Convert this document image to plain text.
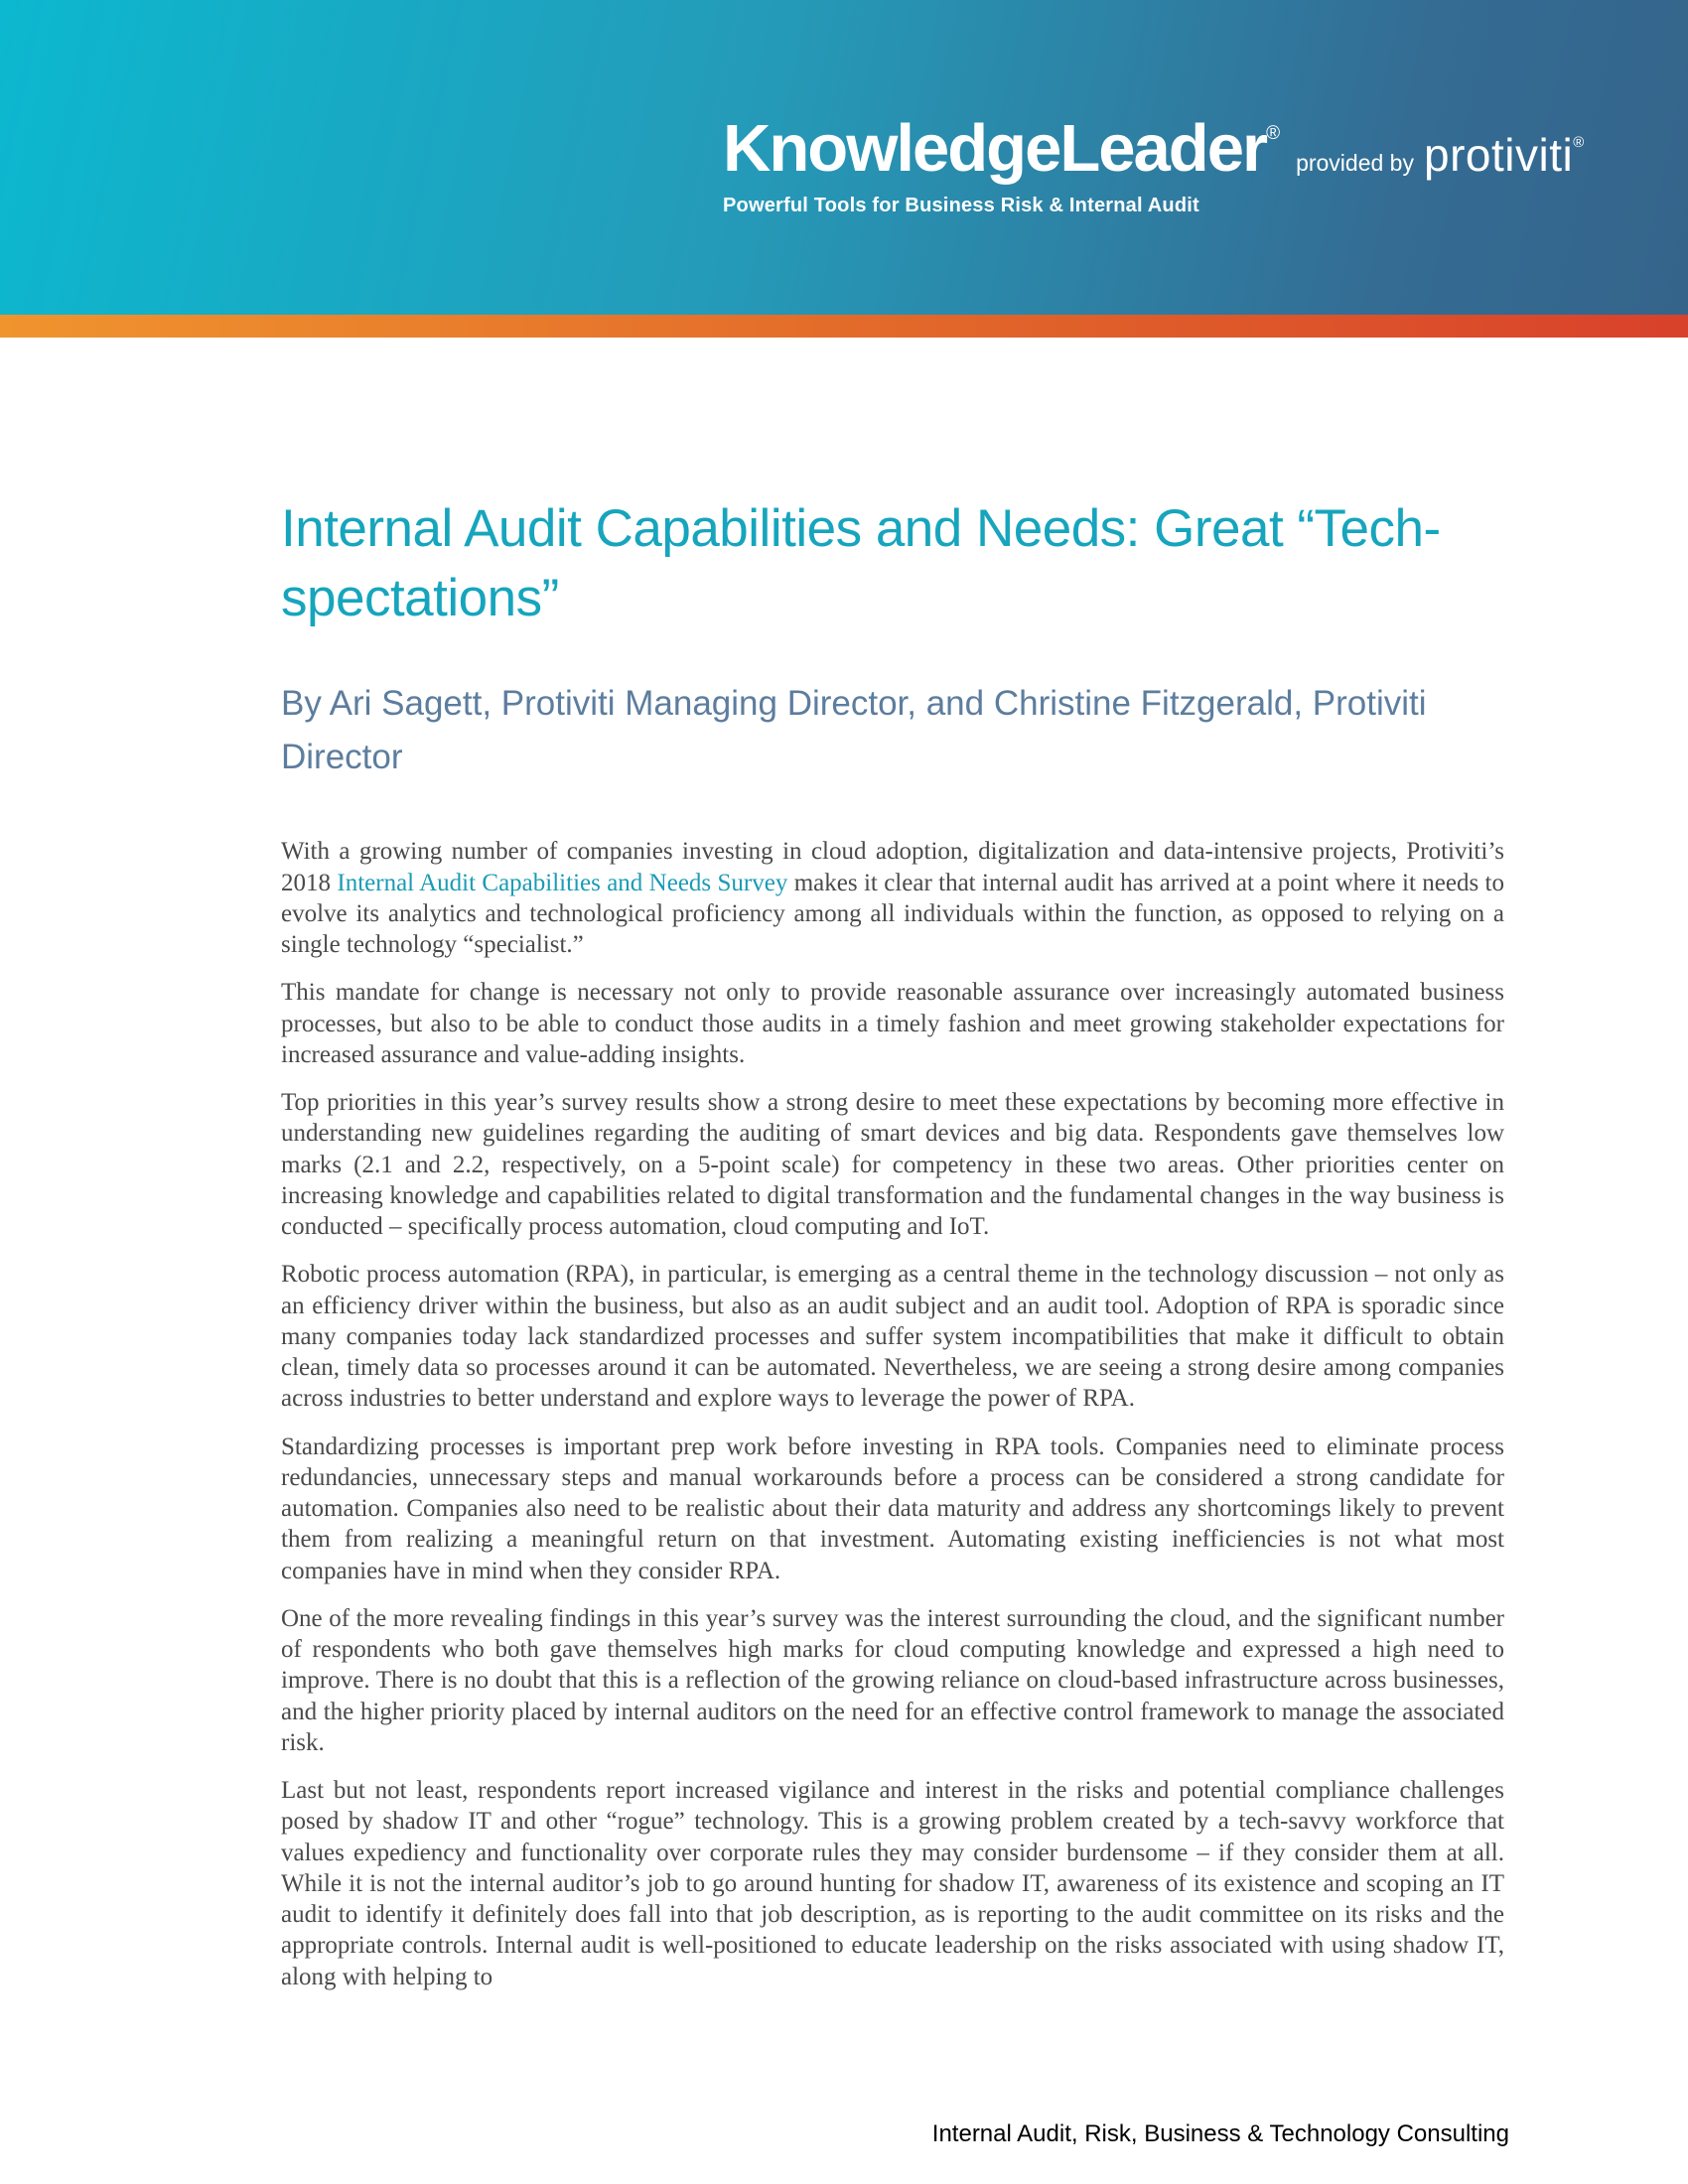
KnowledgeLeader®provided by protiviti®
Powerful Tools for Business Risk & Internal Audit
Internal Audit Capabilities and Needs: Great “Tech-spectations”
By Ari Sagett, Protiviti Managing Director, and Christine Fitzgerald, Protiviti Director

With a growing number of companies investing in cloud adoption, digitalization and data-intensive projects, Protiviti’s 2018 Internal Audit Capabilities and Needs Survey makes it clear that internal audit has arrived at a point where it needs to evolve its analytics and technological proficiency among all individuals within the function, as opposed to relying on a single technology “specialist.”

This mandate for change is necessary not only to provide reasonable assurance over increasingly automated business processes, but also to be able to conduct those audits in a timely fashion and meet growing stakeholder expectations for increased assurance and value-adding insights.

Top priorities in this year’s survey results show a strong desire to meet these expectations by becoming more effective in understanding new guidelines regarding the auditing of smart devices and big data. Respondents gave themselves low marks (2.1 and 2.2, respectively, on a 5-point scale) for competency in these two areas. Other priorities center on increasing knowledge and capabilities related to digital transformation and the fundamental changes in the way business is conducted – specifically process automation, cloud computing and IoT.

Robotic process automation (RPA), in particular, is emerging as a central theme in the technology discussion – not only as an efficiency driver within the business, but also as an audit subject and an audit tool. Adoption of RPA is sporadic since many companies today lack standardized processes and suffer system incompatibilities that make it difficult to obtain clean, timely data so processes around it can be automated. Nevertheless, we are seeing a strong desire among companies across industries to better understand and explore ways to leverage the power of RPA.

Standardizing processes is important prep work before investing in RPA tools. Companies need to eliminate process redundancies, unnecessary steps and manual workarounds before a process can be considered a strong candidate for automation. Companies also need to be realistic about their data maturity and address any shortcomings likely to prevent them from realizing a meaningful return on that investment. Automating existing inefficiencies is not what most companies have in mind when they consider RPA.

One of the more revealing findings in this year’s survey was the interest surrounding the cloud, and the significant number of respondents who both gave themselves high marks for cloud computing knowledge and expressed a high need to improve. There is no doubt that this is a reflection of the growing reliance on cloud-based infrastructure across businesses, and the higher priority placed by internal auditors on the need for an effective control framework to manage the associated risk.

Last but not least, respondents report increased vigilance and interest in the risks and potential compliance challenges posed by shadow IT and other “rogue” technology. This is a growing problem created by a tech-savvy workforce that values expediency and functionality over corporate rules they may consider burdensome – if they consider them at all. While it is not the internal auditor’s job to go around hunting for shadow IT, awareness of its existence and scoping an IT audit to identify it definitely does fall into that job description, as is reporting to the audit committee on its risks and the appropriate controls. Internal audit is well-positioned to educate leadership on the risks associated with using shadow IT, along with helping to

Internal Audit, Risk, Business & Technology Consulting
